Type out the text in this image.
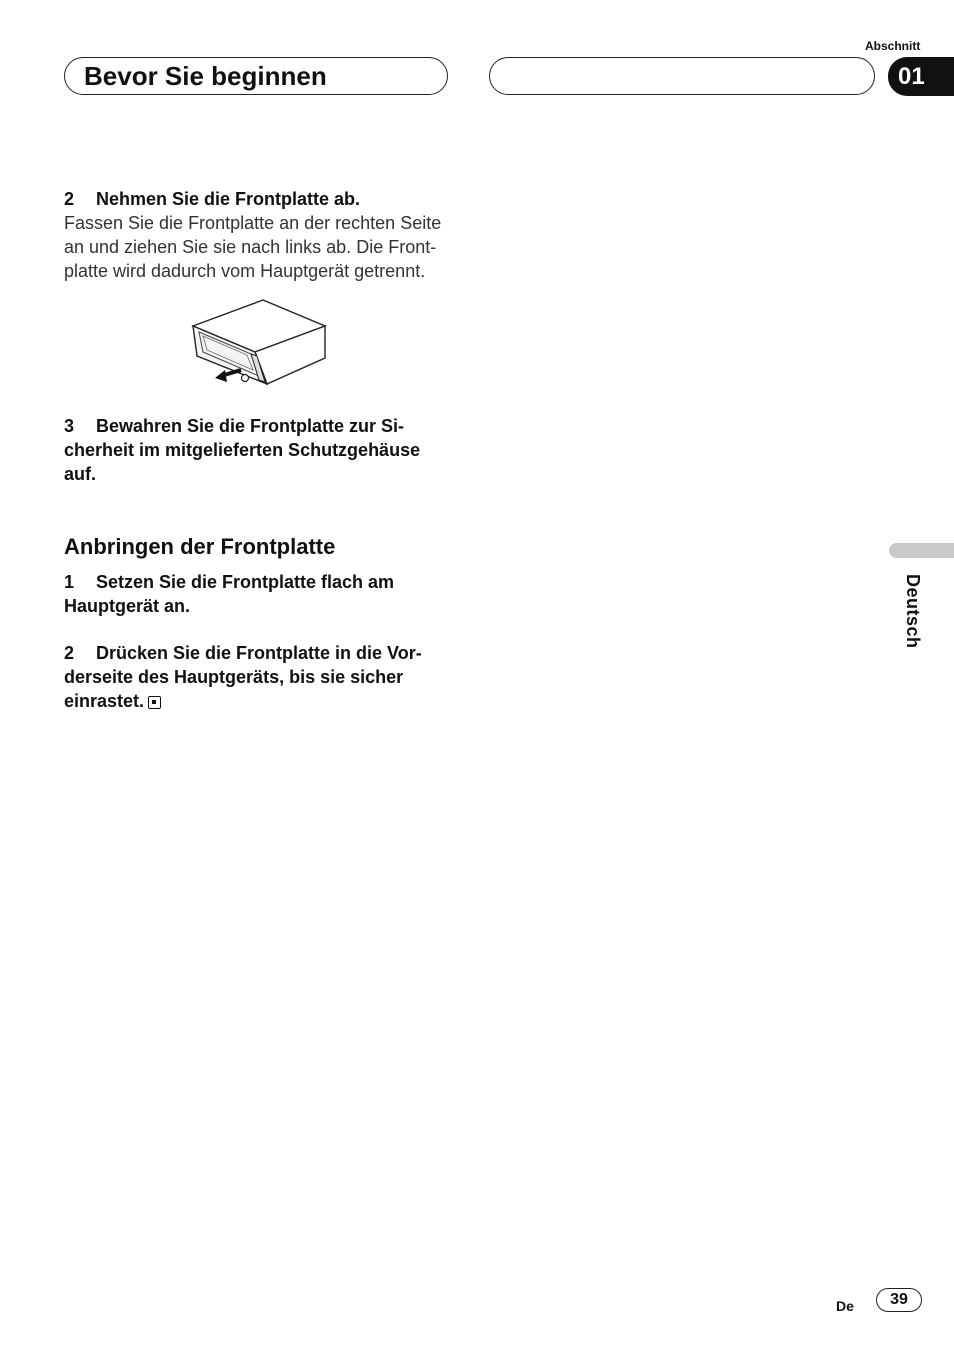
Abschnitt
Bevor Sie beginnen	01
2 Nehmen Sie die Frontplatte ab.
Fassen Sie die Frontplatte an der rechten Seite
an und ziehen Sie sie nach links ab. Die Front-
platte wird dadurch vom Hauptgerät getrennt.
3 Bewahren Sie die Frontplatte zur Si-
cherheit im mitgelieferten Schutzgehäuse
auf.
Anbringen der Frontplatte
1 Setzen Sie die Frontplatte flach am
Hauptgerät an.
2 Drücken Sie die Frontplatte in die Vor-
derseite des Hauptgeräts, bis sie sicher
einrastet.
Deutsch
De	39
